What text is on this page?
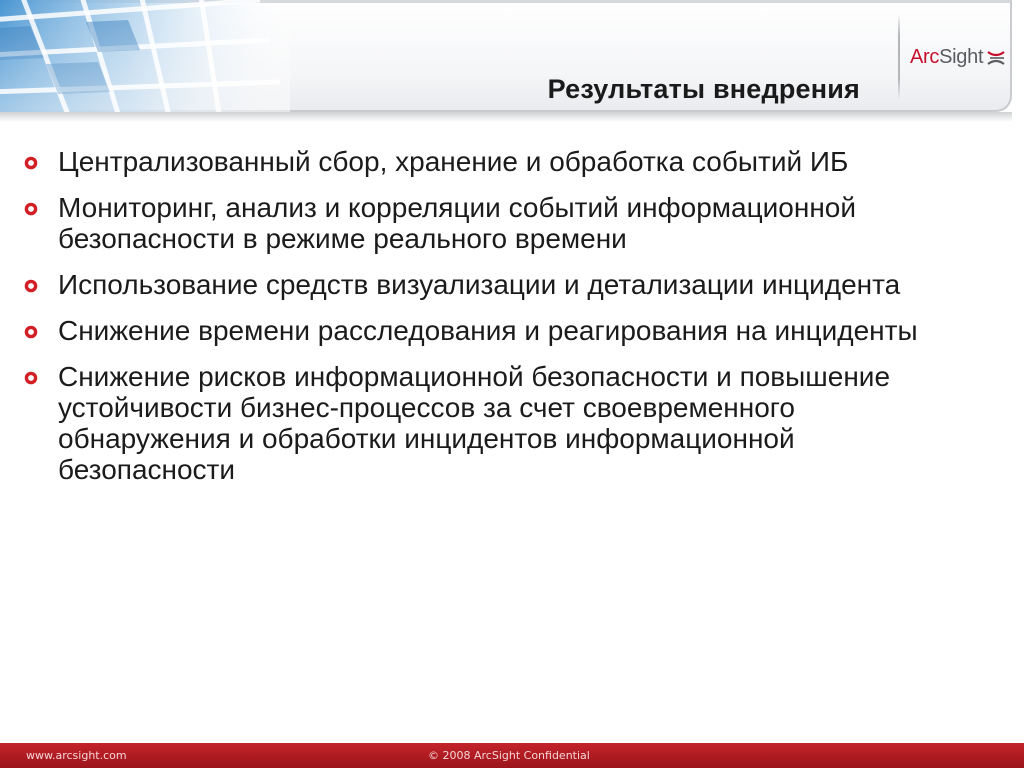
Результаты внедрения
ArcSight
Централизованный сбор, хранение и обработка событий ИБ
Мониторинг, анализ и корреляции событий информационной безопасности в режиме реального времени
Использование средств визуализации и детализации инцидента
Снижение времени расследования и реагирования на инциденты
Снижение рисков информационной безопасности и повышение устойчивости бизнес-процессов за счет своевременного обнаружения и обработки инцидентов информационной безопасности
www.arcsight.com	© 2008 ArcSight Confidential
